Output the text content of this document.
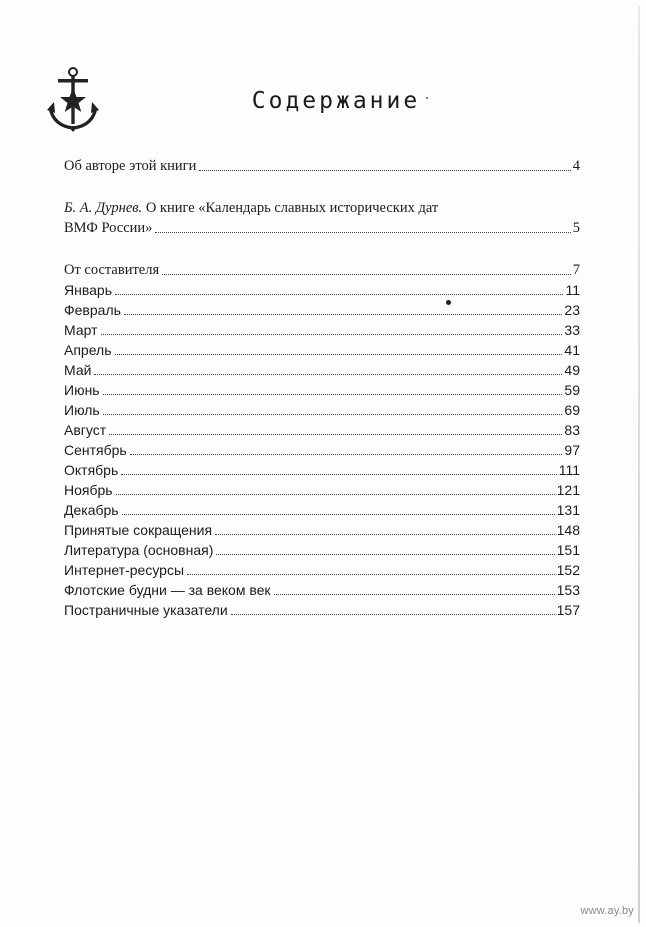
Содержание
Об авторе этой книги	4
Б. А. Дурнев. О книге «Календарь славных исторических дат
ВМФ России»	5
От составителя	7
Январь	11
Февраль	23
Март	33
Апрель	41
Май	49
Июнь	59
Июль	69
Август	83
Сентябрь	97
Октябрь	111
Ноябрь	121
Декабрь	131
Принятые сокращения	148
Литература (основная)	151
Интернет-ресурсы	152
Флотские будни — за веком век	153
Постраничные указатели	157
www.ay.by
